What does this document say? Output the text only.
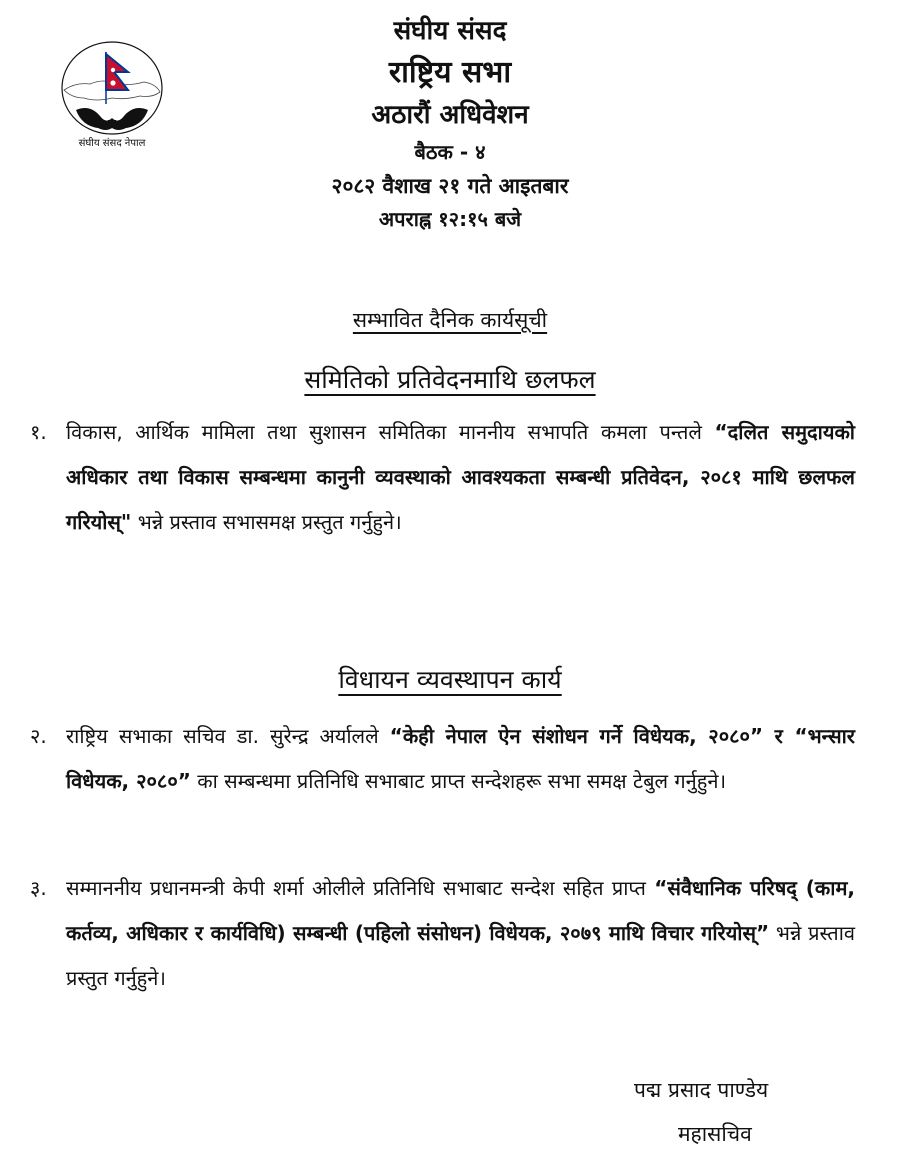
संघीय संसद नेपाल
संघीय संसद
राष्ट्रिय सभा
अठारौं अधिवेशन
बैठक - ४
२०८२ वैशाख २१ गते आइतबार
अपराह्न १२:१५ बजे
सम्भावित दैनिक कार्यसूची
समितिको प्रतिवेदनमाथि छलफल
१. विकास, आर्थिक मामिला तथा सुशासन समितिका माननीय सभापति कमला पन्तले “दलित समुदायको अधिकार तथा विकास सम्बन्धमा कानुनी व्यवस्थाको आवश्यकता सम्बन्धी प्रतिवेदन, २०८१ माथि छलफल गरियोस्" भन्ने प्रस्ताव सभासमक्ष प्रस्तुत गर्नुहुने।
विधायन व्यवस्थापन कार्य
२. राष्ट्रिय सभाका सचिव डा. सुरेन्द्र अर्यालले “केही नेपाल ऐन संशोधन गर्ने विधेयक, २०८०” र “भन्सार विधेयक, २०८०” का सम्बन्धमा प्रतिनिधि सभाबाट प्राप्त सन्देशहरू सभा समक्ष टेबुल गर्नुहुने।
३. सम्माननीय प्रधानमन्त्री केपी शर्मा ओलीले प्रतिनिधि सभाबाट सन्देश सहित प्राप्त “संवैधानिक परिषद् (काम, कर्तव्य, अधिकार र कार्यविधि) सम्बन्धी (पहिलो संसोधन) विधेयक, २०७९ माथि विचार गरियोस्” भन्ने प्रस्ताव प्रस्तुत गर्नुहुने।
पद्म प्रसाद पाण्डेय
महासचिव
